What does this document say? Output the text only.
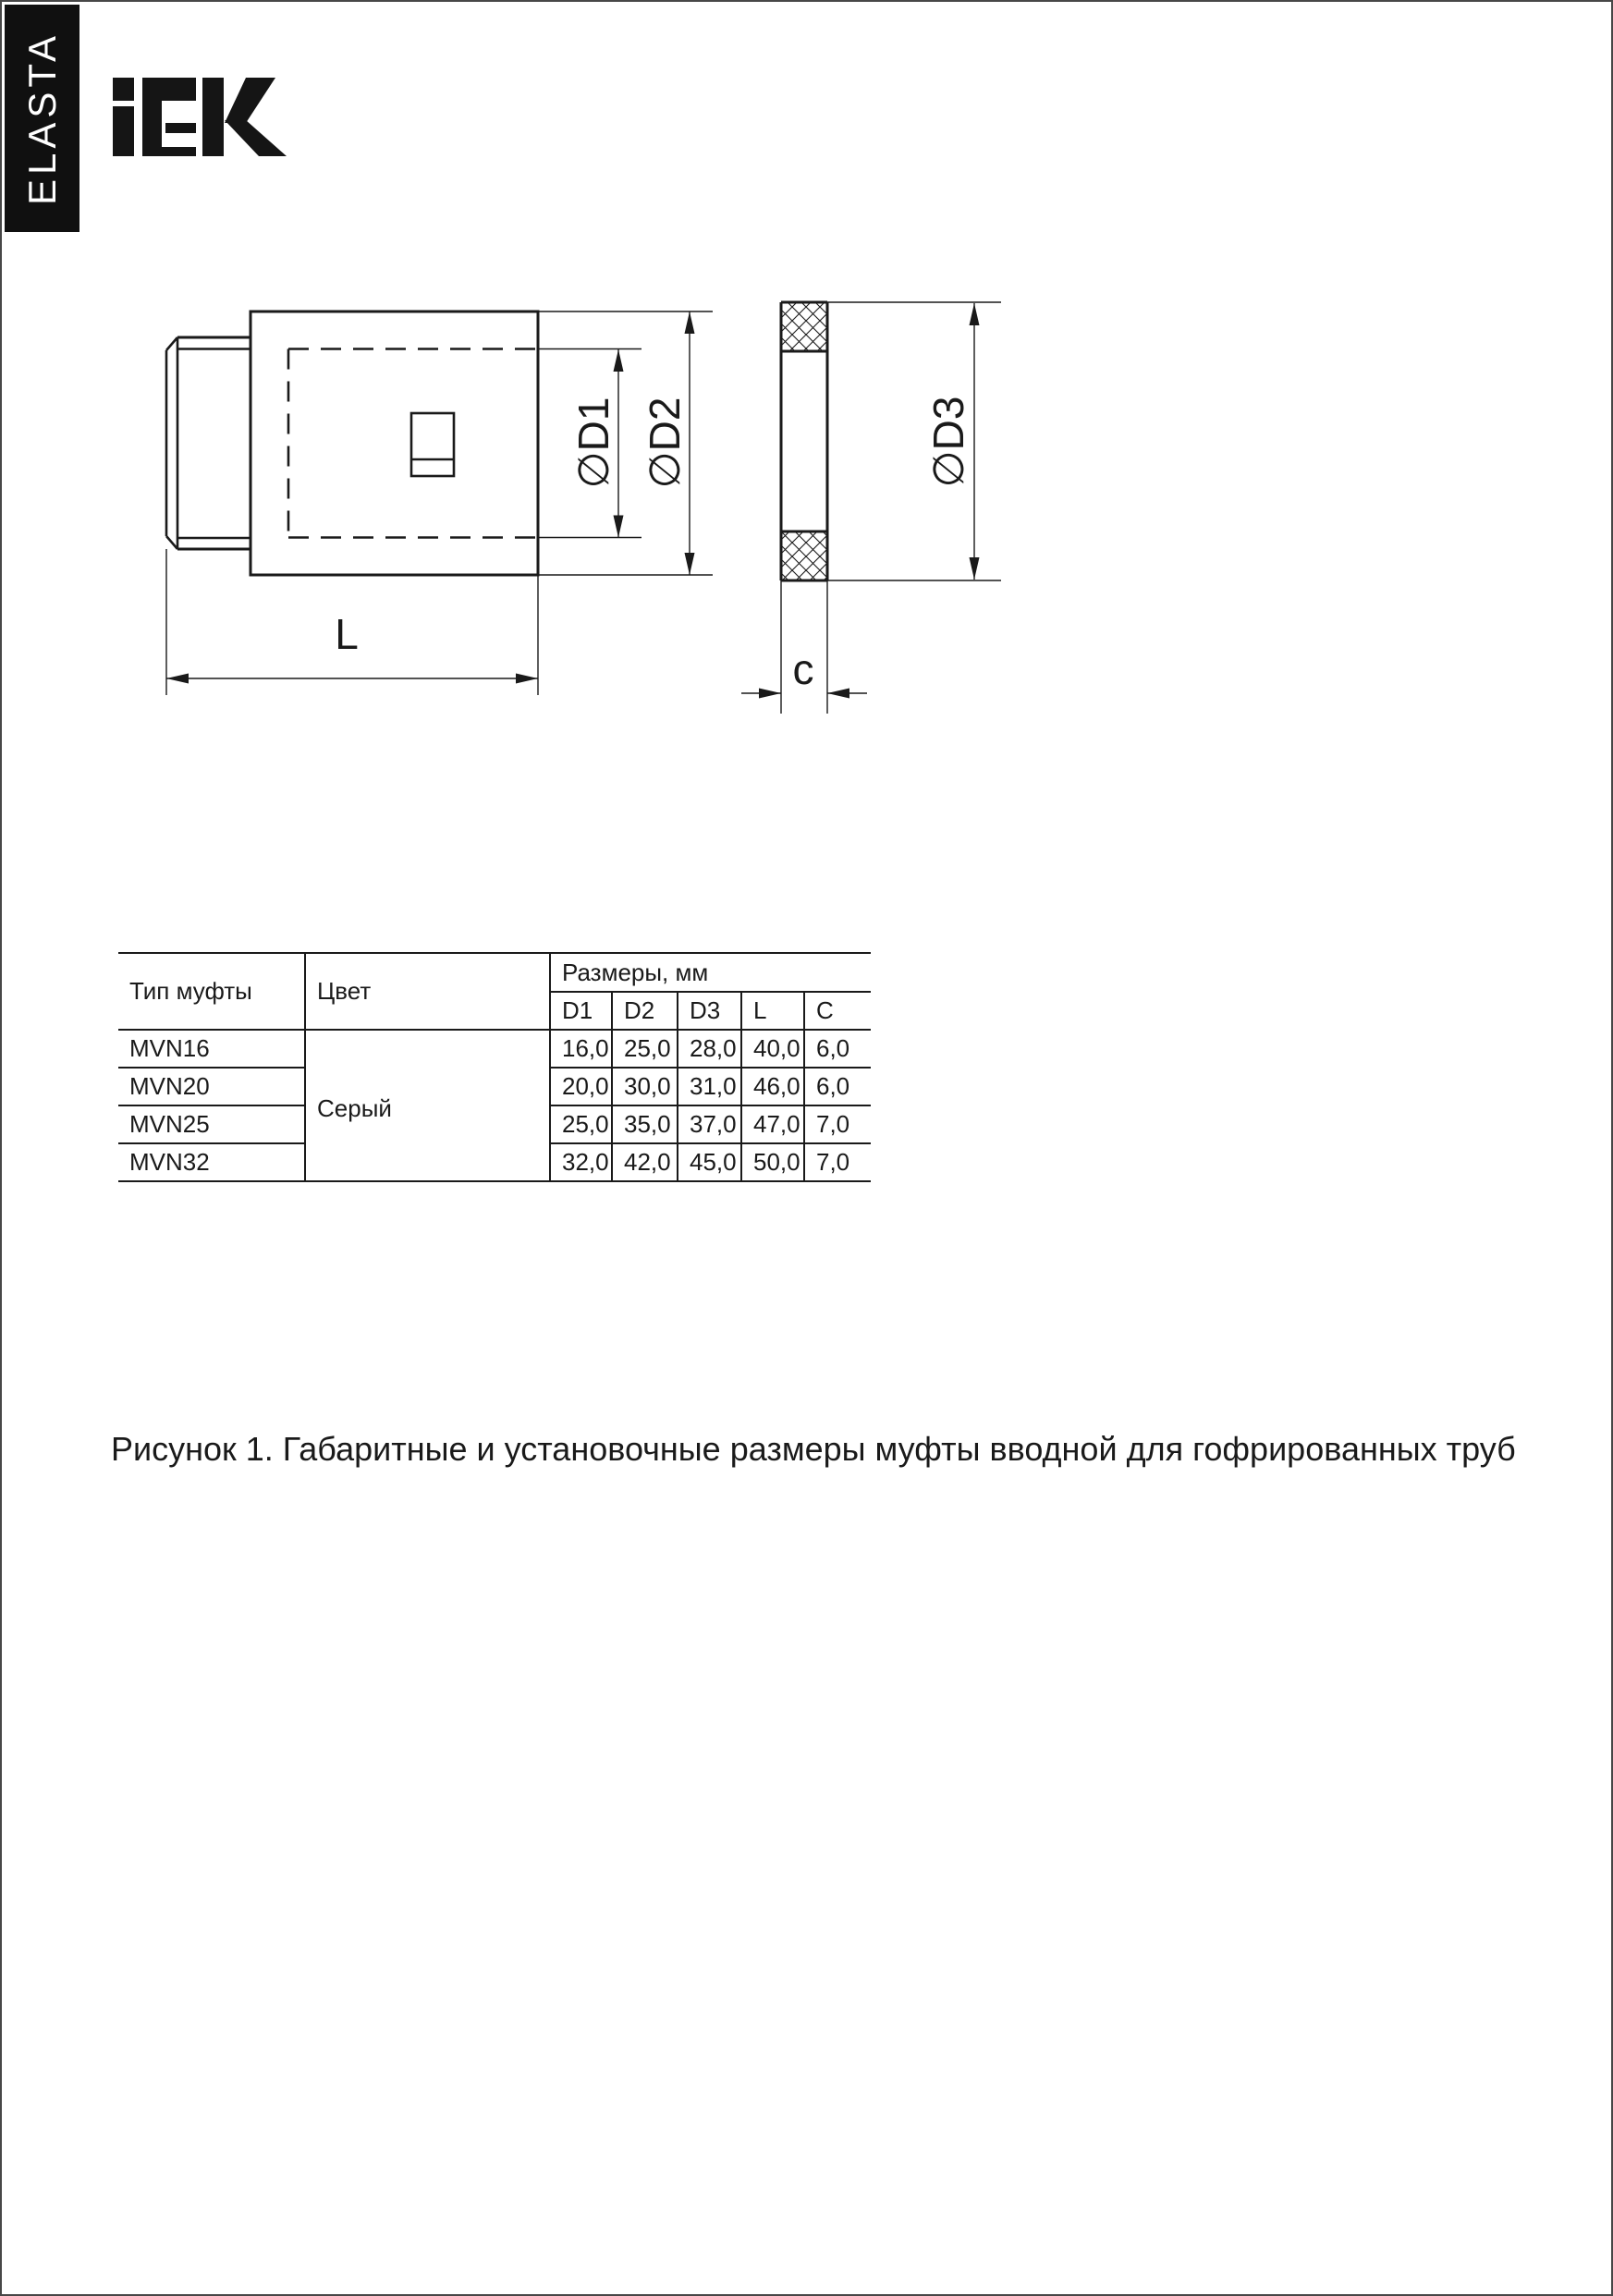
ELASTA
∅D1 ∅D2
L
∅D3
c
Тип муфты	Цвет	Размеры, мм				
		D1	D2	D3	L	C
MVN16	Серый	16,0	25,0	28,0	40,0	6,0
MVN20		20,0	30,0	31,0	46,0	6,0
MVN25		25,0	35,0	37,0	47,0	7,0
MVN32		32,0	42,0	45,0	50,0	7,0
Рисунок 1. Габаритные и установочные размеры муфты вводной для гофрированных труб
